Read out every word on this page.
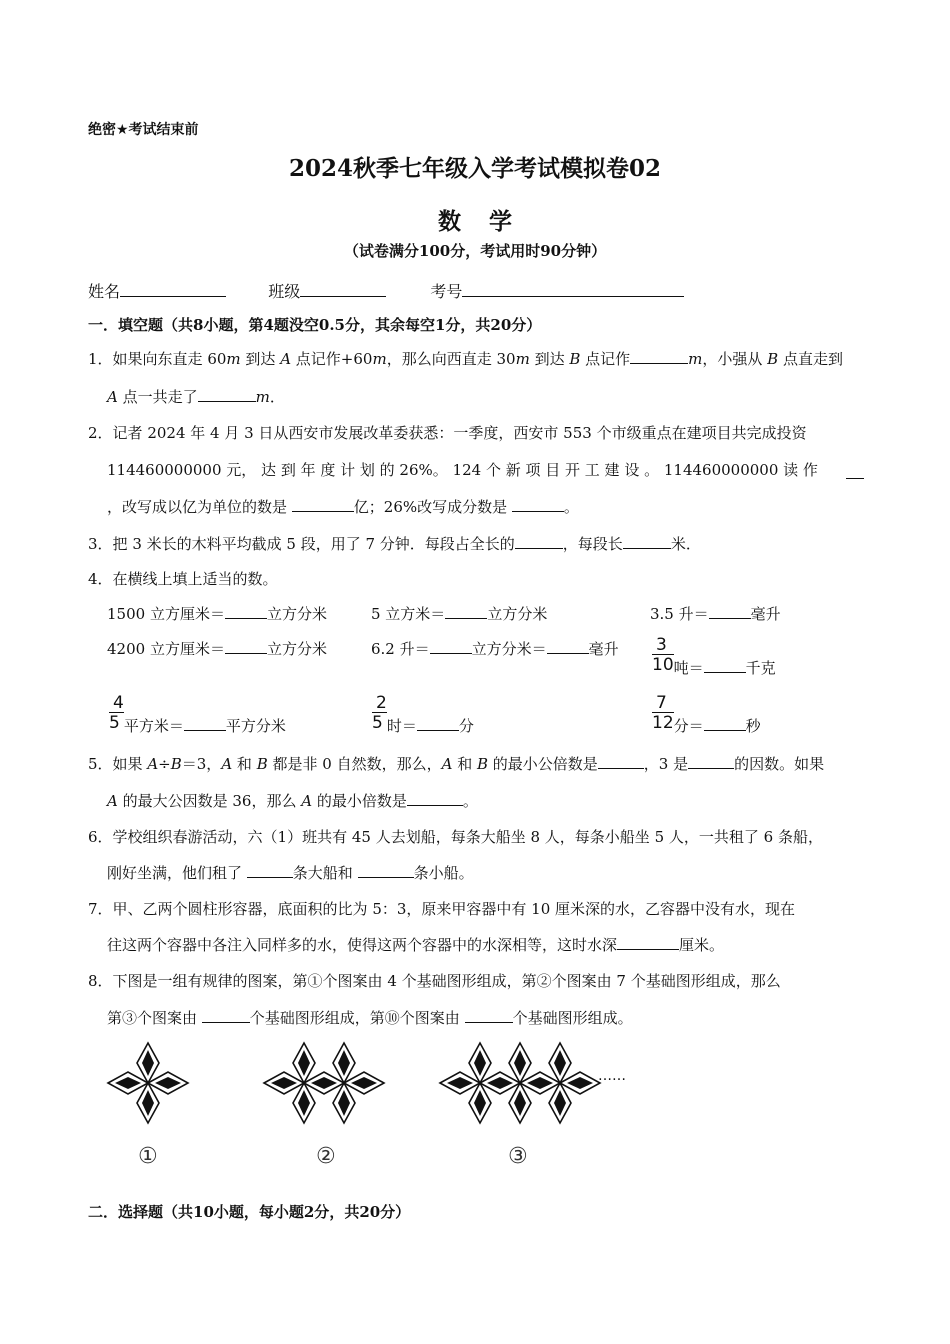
绝密★考试结束前
2024秋季七年级入学考试模拟卷02
数学
（试卷满分100分，考试用时90分钟）
姓名	班级	考号
一．填空题（共8小题，第4题没空0.5分，其余每空1分，共20分）
1．如果向东直走 60m 到达 A 点记作+60m，那么向西直走 30m 到达 B 点记作	m，小强从 B 点直走到
A 点一共走了	m．
2．记者 2024 年 4 月 3 日从西安市发展改革委获悉：一季度，西安市 553 个市级重点在建项目共完成投资
114460000000 元， 达 到 年 度 计 划 的 26%。 124 个 新 项 目 开 工 建 设 。 114460000000 读 作
，改写成以亿为单位的数是	亿；26%改写成分数是	。
3．把 3 米长的木料平均截成 5 段，用了 7 分钟．每段占全长的	，每段长	米．
4．在横线上填上适当的数。
1500 立方厘米＝	立方分米	5 立方米＝	立方分米	3.5 升＝	毫升
4200 立方厘米＝	立方分米	6.2 升＝	立方分米＝	毫升 $\frac{3}{10}$ 吨＝	千克
$\frac{4}{5}$ 平方米＝	平方分米	$\frac{2}{5}$ 时＝	分	$\frac{7}{12}$ 分＝	秒
5．如果 A÷B＝3，A 和 B 都是非 0 自然数，那么，A 和 B 的最小公倍数是	，3 是	的因数。如果
A 的最大公因数是 36，那么 A 的最小倍数是	。
6．学校组织春游活动，六（1）班共有 45 人去划船，每条大船坐 8 人，每条小船坐 5 人，一共租了 6 条船，
刚好坐满，他们租了	条大船和	条小船。
7．甲、乙两个圆柱形容器，底面积的比为 5：3，原来甲容器中有 10 厘米深的水，乙容器中没有水，现在
往这两个容器中各注入同样多的水，使得这两个容器中的水深相等，这时水深	厘米。
8．下图是一组有规律的图案，第①个图案由 4 个基础图形组成，第②个图案由 7 个基础图形组成，那么
第③个图案由	个基础图形组成，第⑩个图案由	个基础图形组成。
……
①	②	③
二．选择题（共10小题，每小题2分，共20分）
